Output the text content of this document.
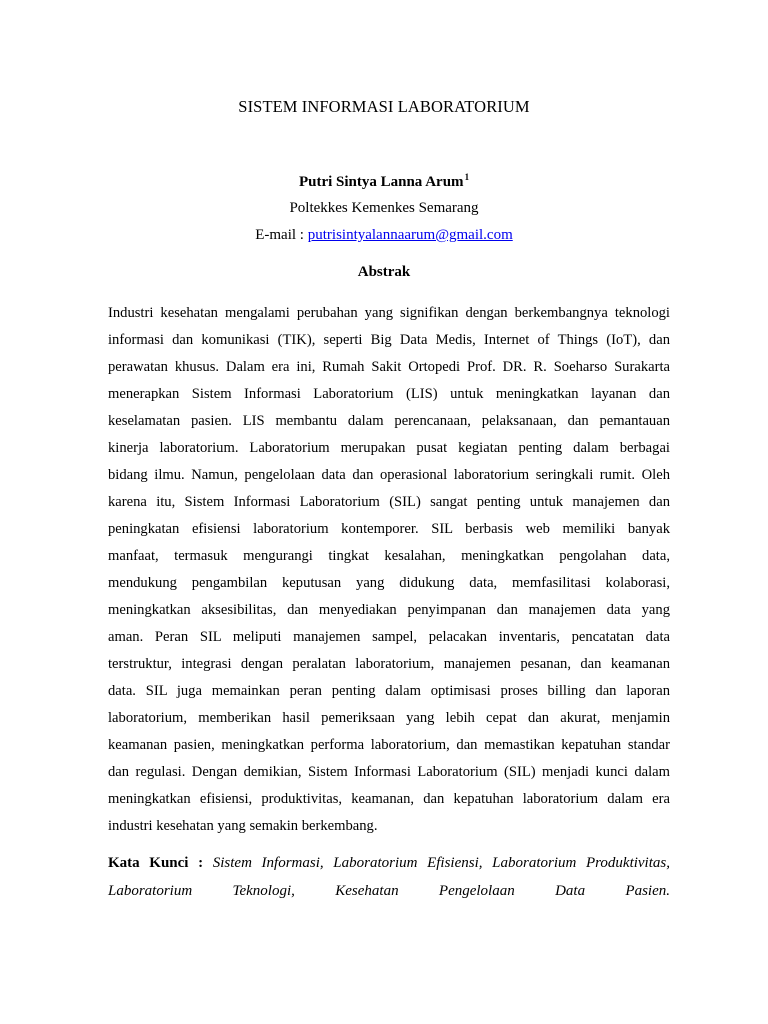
SISTEM INFORMASI LABORATORIUM
Putri Sintya Lanna Arum$^1$
Poltekkes Kemenkes Semarang
E-mail : putrisintyalannaarum@gmail.com
Abstrak
Industri kesehatan mengalami perubahan yang signifikan dengan berkembangnya teknologi
informasi dan komunikasi (TIK), seperti Big Data Medis, Internet of Things (IoT), dan
perawatan khusus. Dalam era ini, Rumah Sakit Ortopedi Prof. DR. R. Soeharso Surakarta
menerapkan Sistem Informasi Laboratorium (LIS) untuk meningkatkan layanan dan
keselamatan pasien. LIS membantu dalam perencanaan, pelaksanaan, dan pemantauan
kinerja laboratorium. Laboratorium merupakan pusat kegiatan penting dalam berbagai
bidang ilmu. Namun, pengelolaan data dan operasional laboratorium seringkali rumit. Oleh
karena itu, Sistem Informasi Laboratorium (SIL) sangat penting untuk manajemen dan
peningkatan efisiensi laboratorium kontemporer. SIL berbasis web memiliki banyak
manfaat, termasuk mengurangi tingkat kesalahan, meningkatkan pengolahan data,
mendukung pengambilan keputusan yang didukung data, memfasilitasi kolaborasi,
meningkatkan aksesibilitas, dan menyediakan penyimpanan dan manajemen data yang
aman. Peran SIL meliputi manajemen sampel, pelacakan inventaris, pencatatan data
terstruktur, integrasi dengan peralatan laboratorium, manajemen pesanan, dan keamanan
data. SIL juga memainkan peran penting dalam optimisasi proses billing dan laporan
laboratorium, memberikan hasil pemeriksaan yang lebih cepat dan akurat, menjamin
keamanan pasien, meningkatkan performa laboratorium, dan memastikan kepatuhan standar
dan regulasi. Dengan demikian, Sistem Informasi Laboratorium (SIL) menjadi kunci dalam
meningkatkan efisiensi, produktivitas, keamanan, dan kepatuhan laboratorium dalam era
industri kesehatan yang semakin berkembang.
Kata Kunci : Sistem Informasi, Laboratorium Efisiensi, Laboratorium Produktivitas,
Laboratorium Teknologi, Kesehatan Pengelolaan Data Pasien.
